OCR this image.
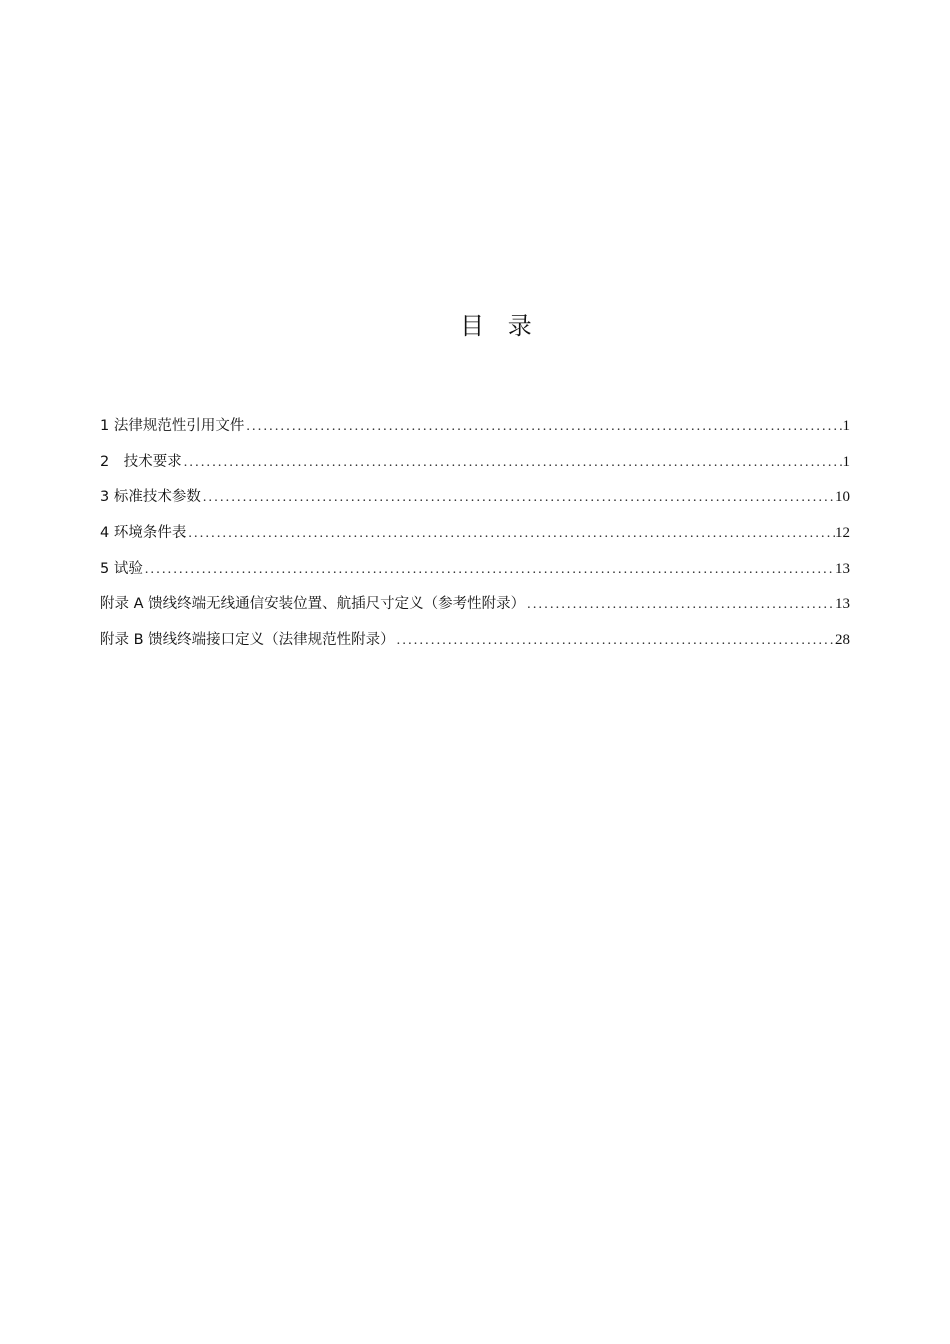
目 录
1 法律规范性引用文件 .....	1
2　技术要求 .....	1
3 标准技术参数 .....	10
4 环境条件表 .....	12
5 试验 .....	13
附录 A 馈线终端无线通信安装位置、航插尺寸定义（参考性附录） .....	13
附录 B 馈线终端接口定义（法律规范性附录） .....	28
